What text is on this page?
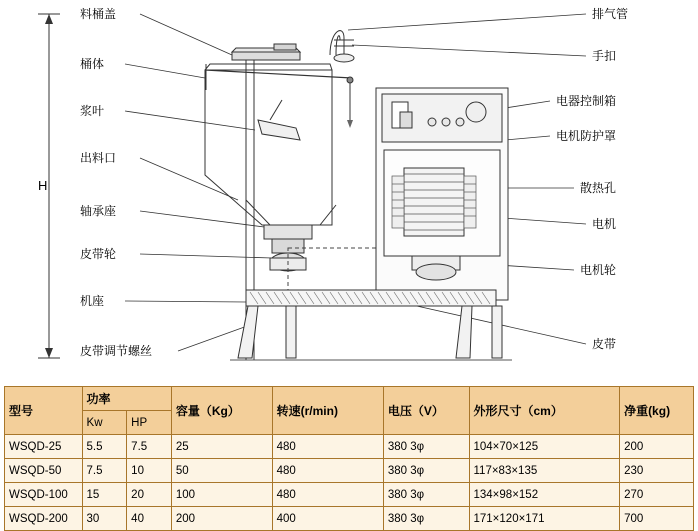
料桶盖
桶体
浆叶
出料口
轴承座
皮带轮
机座
皮带调节螺丝
排气管
手扣
电器控制箱
电机防护罩
散热孔
电机
电机轮
皮带
H
型号	功率		容量（Kg）	转速(r/min)	电压（V）	外形尺寸（cm）	净重(kg)
	Kw	HP					
WSQD-25	5.5	7.5	25	480	380 3φ	104×70×125	200
WSQD-50	7.5	10	50	480	380 3φ	117×83×135	230
WSQD-100	15	20	100	480	380 3φ	134×98×152	270
WSQD-200	30	40	200	400	380 3φ	171×120×171	700
